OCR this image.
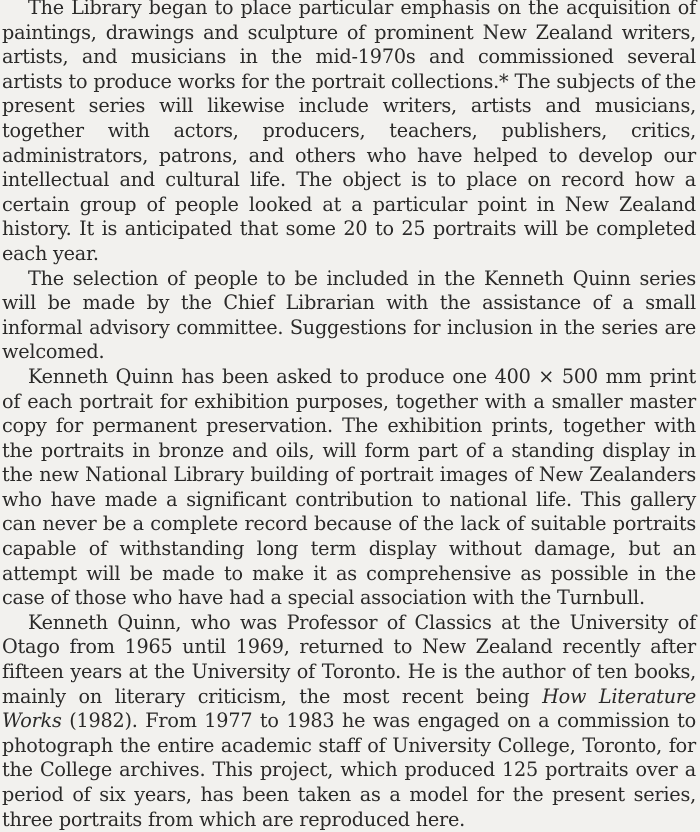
The Library began to place particular emphasis on the acquisition of paintings, drawings and sculpture of prominent New Zealand writers, artists, and musicians in the mid-1970s and commissioned several artists to produce works for the portrait collections.* The subjects of the present series will likewise include writers, artists and musicians, together with actors, producers, teachers, publishers, critics, administrators, patrons, and others who have helped to develop our intellectual and cultural life. The object is to place on record how a certain group of people looked at a particular point in New Zealand history. It is anticipated that some 20 to 25 portraits will be completed each year.

The selection of people to be included in the Kenneth Quinn series will be made by the Chief Librarian with the assistance of a small informal advisory committee. Suggestions for inclusion in the series are welcomed.

Kenneth Quinn has been asked to produce one 400 × 500 mm print of each portrait for exhibition purposes, together with a smaller master copy for permanent preservation. The exhibition prints, together with the portraits in bronze and oils, will form part of a standing display in the new National Library building of portrait images of New Zealanders who have made a significant contribution to national life. This gallery can never be a complete record because of the lack of suitable portraits capable of withstanding long term display without damage, but an attempt will be made to make it as comprehensive as possible in the case of those who have had a special association with the Turnbull.

Kenneth Quinn, who was Professor of Classics at the University of Otago from 1965 until 1969, returned to New Zealand recently after fifteen years at the University of Toronto. He is the author of ten books, mainly on literary criticism, the most recent being How Literature Works (1982). From 1977 to 1983 he was engaged on a commission to photograph the entire academic staff of University College, Toronto, for the College archives. This project, which produced 125 portraits over a period of six years, has been taken as a model for the present series, three portraits from which are reproduced here.
